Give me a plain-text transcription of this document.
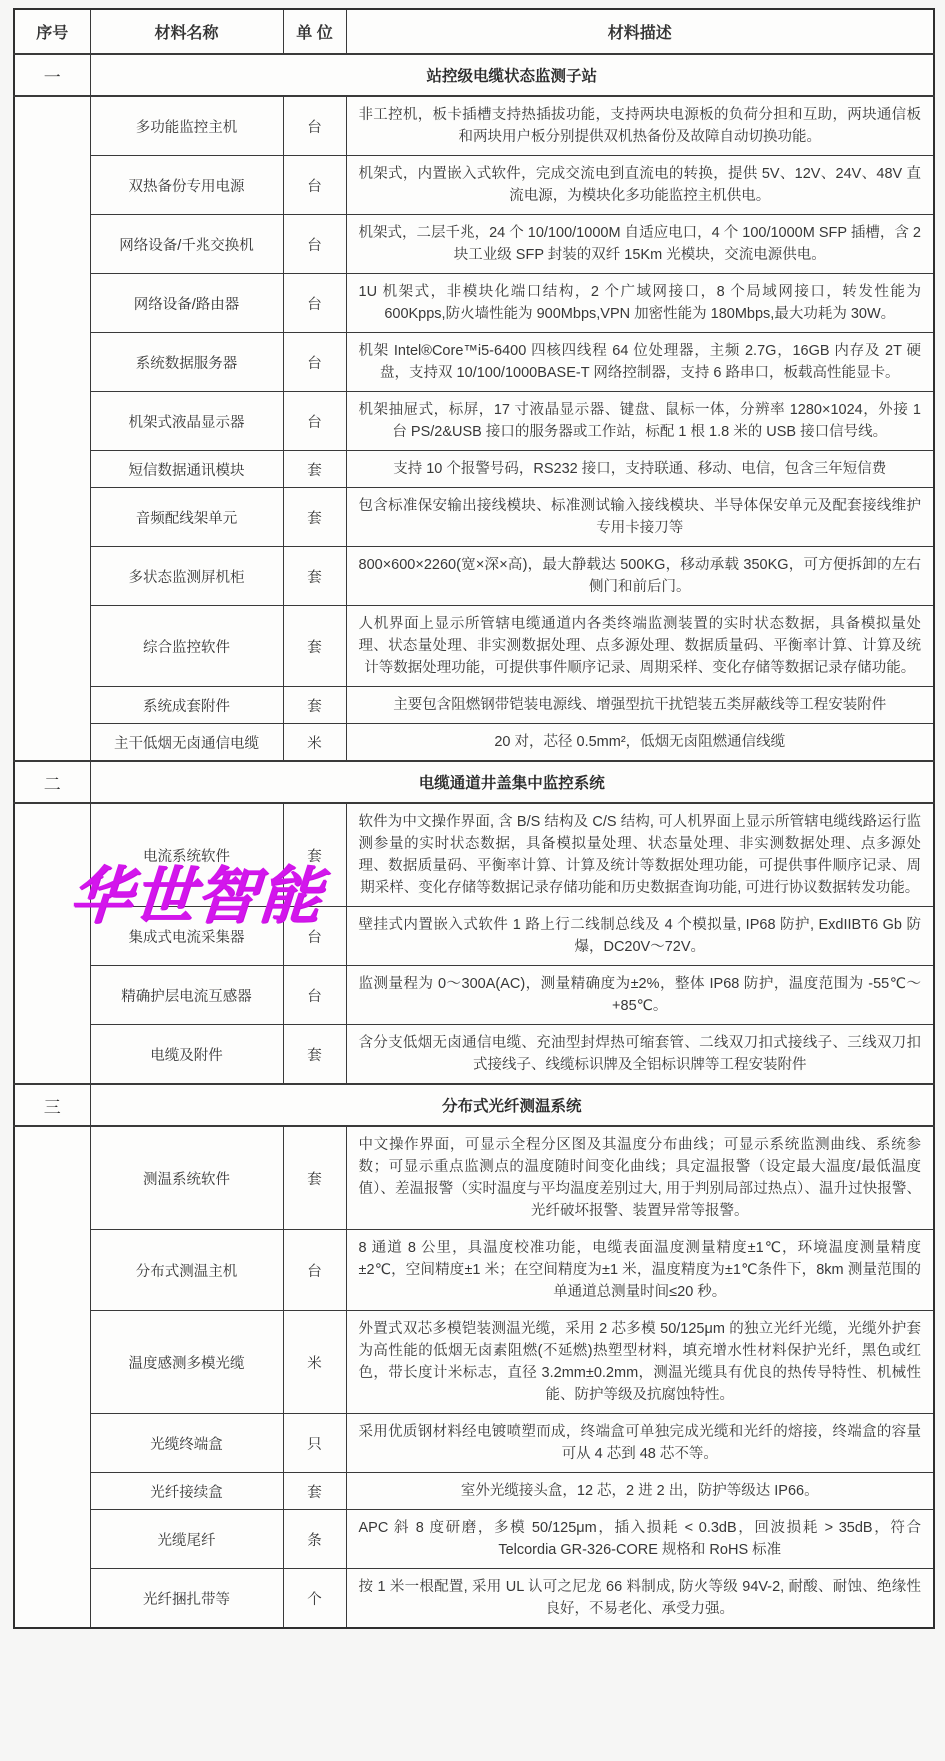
序号	材料名称	单 位	材料描述
一	站控级电缆状态监测子站		
	多功能监控主机	台	非工控机，板卡插槽支持热插拔功能，支持两块电源板的负荷分担和互助，两块通信板和两块用户板分别提供双机热备份及故障自动切换功能。
	双热备份专用电源	台	机架式，内置嵌入式软件，完成交流电到直流电的转换，提供 5V、12V、24V、48V 直流电源，为模块化多功能监控主机供电。
	网络设备/千兆交换机	台	机架式，二层千兆，24 个 10/100/1000M 自适应电口，4 个 100/1000M SFP 插槽，含 2 块工业级 SFP 封装的双纤 15Km 光模块，交流电源供电。
	网络设备/路由器	台	1U 机架式，非模块化端口结构，2 个广域网接口，8 个局域网接口，转发性能为 600Kpps,防火墙性能为 900Mbps,VPN 加密性能为 180Mbps,最大功耗为 30W。
	系统数据服务器	台	机架 Intel®Core™i5-6400 四核四线程 64 位处理器，主频 2.7G，16GB 内存及 2T 硬盘，支持双 10/100/1000BASE-T 网络控制器，支持 6 路串口，板载高性能显卡。
	机架式液晶显示器	台	机架抽屉式，标屏，17 寸液晶显示器、键盘、鼠标一体，分辨率 1280×1024，外接 1 台 PS/2&USB 接口的服务器或工作站，标配 1 根 1.8 米的 USB 接口信号线。
	短信数据通讯模块	套	支持 10 个报警号码，RS232 接口，支持联通、移动、电信，包含三年短信费
	音频配线架单元	套	包含标准保安输出接线模块、标准测试输入接线模块、半导体保安单元及配套接线维护专用卡接刀等
	多状态监测屏机柜	套	800×600×2260(宽×深×高)，最大静载达 500KG，移动承载 350KG，可方便拆卸的左右侧门和前后门。
	综合监控软件	套	人机界面上显示所管辖电缆通道内各类终端监测装置的实时状态数据，具备模拟量处理、状态量处理、非实测数据处理、点多源处理、数据质量码、平衡率计算、计算及统计等数据处理功能，可提供事件顺序记录、周期采样、变化存储等数据记录存储功能。
	系统成套附件	套	主要包含阻燃钢带铠装电源线、增强型抗干扰铠装五类屏蔽线等工程安装附件
	主干低烟无卤通信电缆	米	20 对，芯径 0.5mm²，低烟无卤阻燃通信线缆
二	电缆通道井盖集中监控系统		
	电流系统软件	套	软件为中文操作界面, 含 B/S 结构及 C/S 结构, 可人机界面上显示所管辖电缆线路运行监测参量的实时状态数据，具备模拟量处理、状态量处理、非实测数据处理、点多源处理、数据质量码、平衡率计算、计算及统计等数据处理功能，可提供事件顺序记录、周期采样、变化存储等数据记录存储功能和历史数据查询功能, 可进行协议数据转发功能。
	集成式电流采集器	台	壁挂式内置嵌入式软件 1 路上行二线制总线及 4 个模拟量, IP68 防护, ExdIIBT6 Gb 防爆，DC20V～72V。
	精确护层电流互感器	台	监测量程为 0～300A(AC)，测量精确度为±2%，整体 IP68 防护，温度范围为 -55℃～+85℃。
	电缆及附件	套	含分支低烟无卤通信电缆、充油型封焊热可缩套管、二线双刀扣式接线子、三线双刀扣式接线子、线缆标识牌及全铝标识牌等工程安装附件
三	分布式光纤测温系统		
	测温系统软件	套	中文操作界面，可显示全程分区图及其温度分布曲线；可显示系统监测曲线、系统参数；可显示重点监测点的温度随时间变化曲线；具定温报警（设定最大温度/最低温度值）、差温报警（实时温度与平均温度差别过大, 用于判别局部过热点）、温升过快报警、光纤破坏报警、装置异常等报警。
	分布式测温主机	台	8 通道 8 公里，具温度校准功能，电缆表面温度测量精度±1℃，环境温度测量精度±2℃，空间精度±1 米；在空间精度为±1 米，温度精度为±1℃条件下，8km 测量范围的单通道总测量时间≤20 秒。
	温度感测多模光缆	米	外置式双芯多模铠装测温光缆，采用 2 芯多模 50/125μm 的独立光纤光缆，光缆外护套为高性能的低烟无卤素阻燃(不延燃)热塑型材料，填充增水性材料保护光纤，黑色或红色，带长度计米标志，直径 3.2mm±0.2mm，测温光缆具有优良的热传导特性、机械性能、防护等级及抗腐蚀特性。
	光缆终端盒	只	采用优质钢材料经电镀喷塑而成，终端盒可单独完成光缆和光纤的熔接，终端盒的容量可从 4 芯到 48 芯不等。
	光纤接续盒	套	室外光缆接头盒，12 芯，2 进 2 出，防护等级达 IP66。
	光缆尾纤	条	APC 斜 8 度研磨，多模 50/125μm，插入损耗 < 0.3dB，回波损耗 > 35dB，符合 Telcordia GR-326-CORE 规格和 RoHS 标准
	光纤捆扎带等	个	按 1 米一根配置, 采用 UL 认可之尼龙 66 料制成, 防火等级 94V-2, 耐酸、耐蚀、绝缘性良好，不易老化、承受力强。
华世智能
